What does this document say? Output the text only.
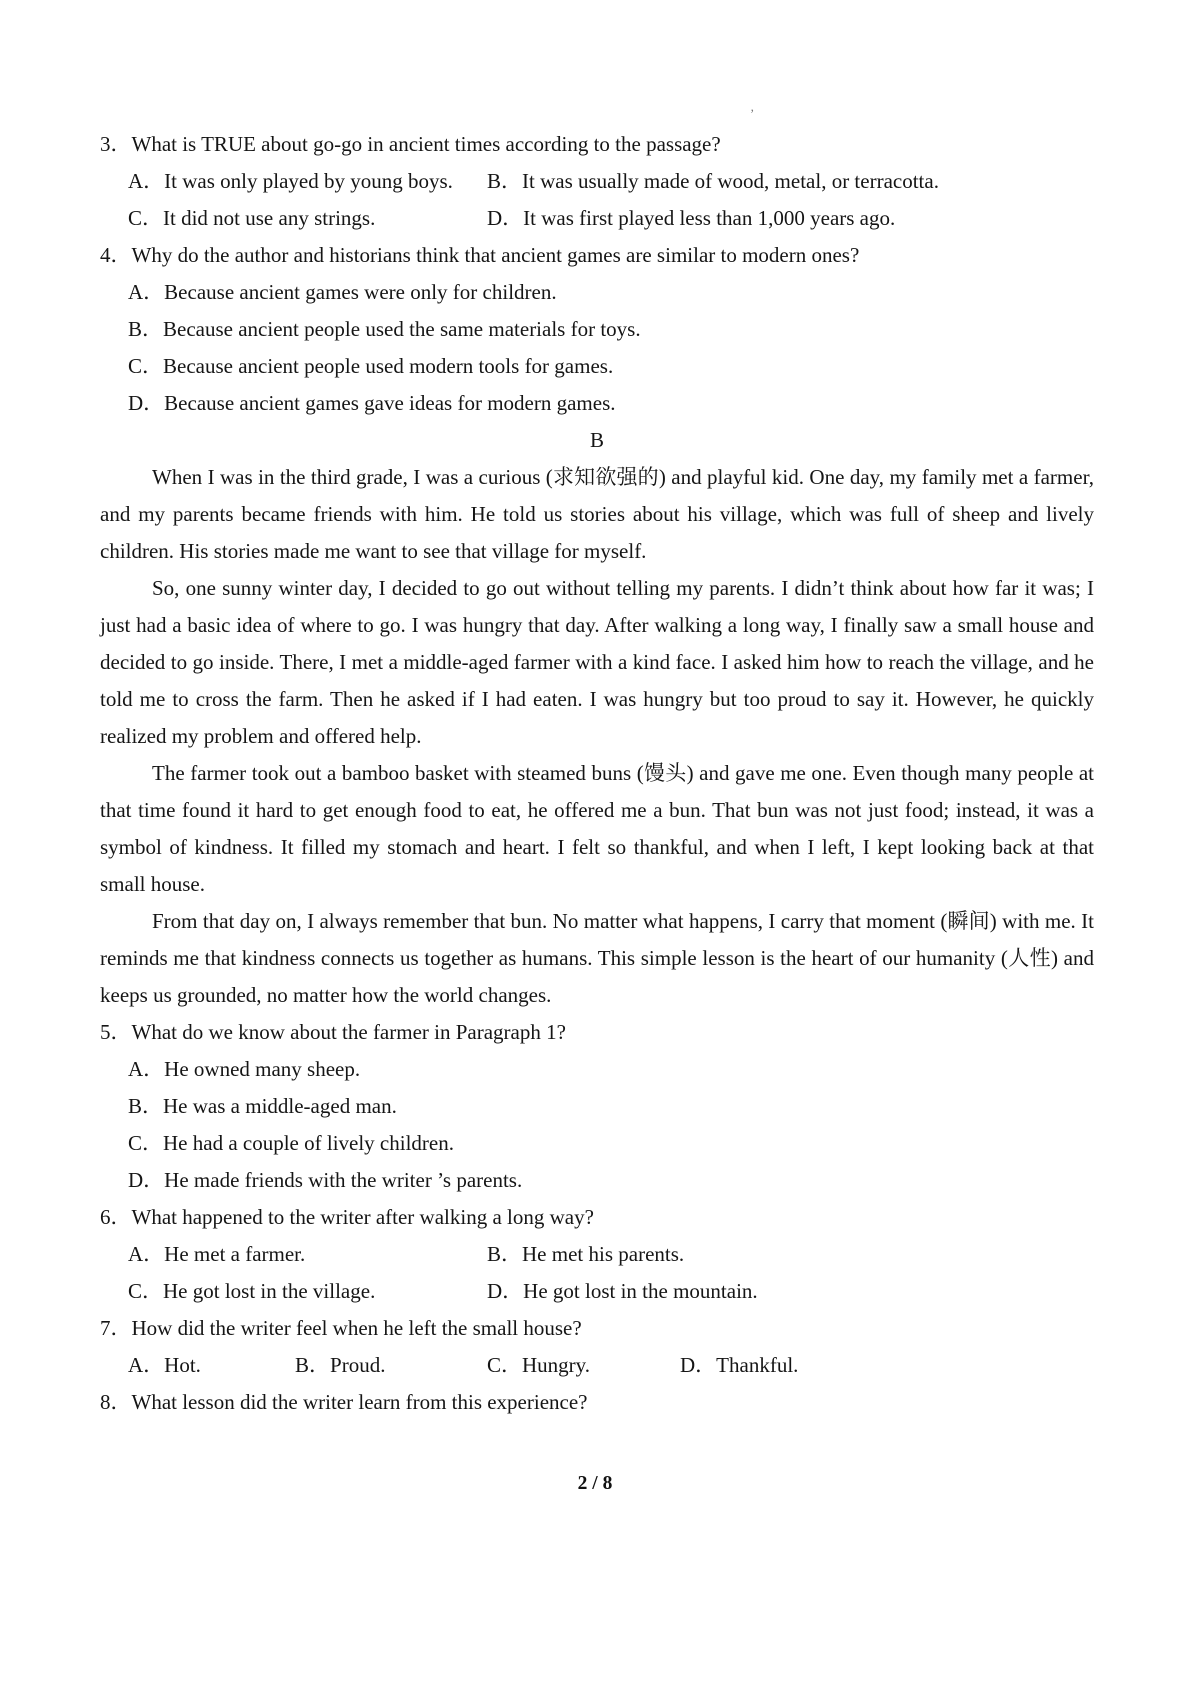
ʼ
3．What is TRUE about go-go in ancient times according to the passage?
A．It was only played by young boys.	B．It was usually made of wood, metal, or terracotta.
C．It did not use any strings.	D．It was first played less than 1,000 years ago.
4．Why do the author and historians think that ancient games are similar to modern ones?
A．Because ancient games were only for children.
B．Because ancient people used the same materials for toys.
C．Because ancient people used modern tools for games.
D．Because ancient games gave ideas for modern games.
B

When I was in the third grade, I was a curious (求知欲强的) and playful kid. One day, my family met a farmer, and my parents became friends with him. He told us stories about his village, which was full of sheep and lively children. His stories made me want to see that village for myself.

So, one sunny winter day, I decided to go out without telling my parents. I didn’t think about how far it was; I just had a basic idea of where to go. I was hungry that day. After walking a long way, I finally saw a small house and decided to go inside. There, I met a middle-aged farmer with a kind face. I asked him how to reach the village, and he told me to cross the farm. Then he asked if I had eaten. I was hungry but too proud to say it. However, he quickly realized my problem and offered help.

The farmer took out a bamboo basket with steamed buns (馒头) and gave me one. Even though many people at that time found it hard to get enough food to eat, he offered me a bun. That bun was not just food; instead, it was a symbol of kindness. It filled my stomach and heart. I felt so thankful, and when I left, I kept looking back at that small house.

From that day on, I always remember that bun. No matter what happens, I carry that moment (瞬间) with me. It reminds me that kindness connects us together as humans. This simple lesson is the heart of our humanity (人性) and keeps us grounded, no matter how the world changes.

5．What do we know about the farmer in Paragraph 1?
A．He owned many sheep.
B．He was a middle-aged man.
C．He had a couple of lively children.
D．He made friends with the writer ’s parents.
6．What happened to the writer after walking a long way?
A．He met a farmer.	B．He met his parents.
C．He got lost in the village.	D．He got lost in the mountain.
7．How did the writer feel when he left the small house?
A．Hot.	B．Proud.	C．Hungry.	D．Thankful.
8．What lesson did the writer learn from this experience?
2 / 8
